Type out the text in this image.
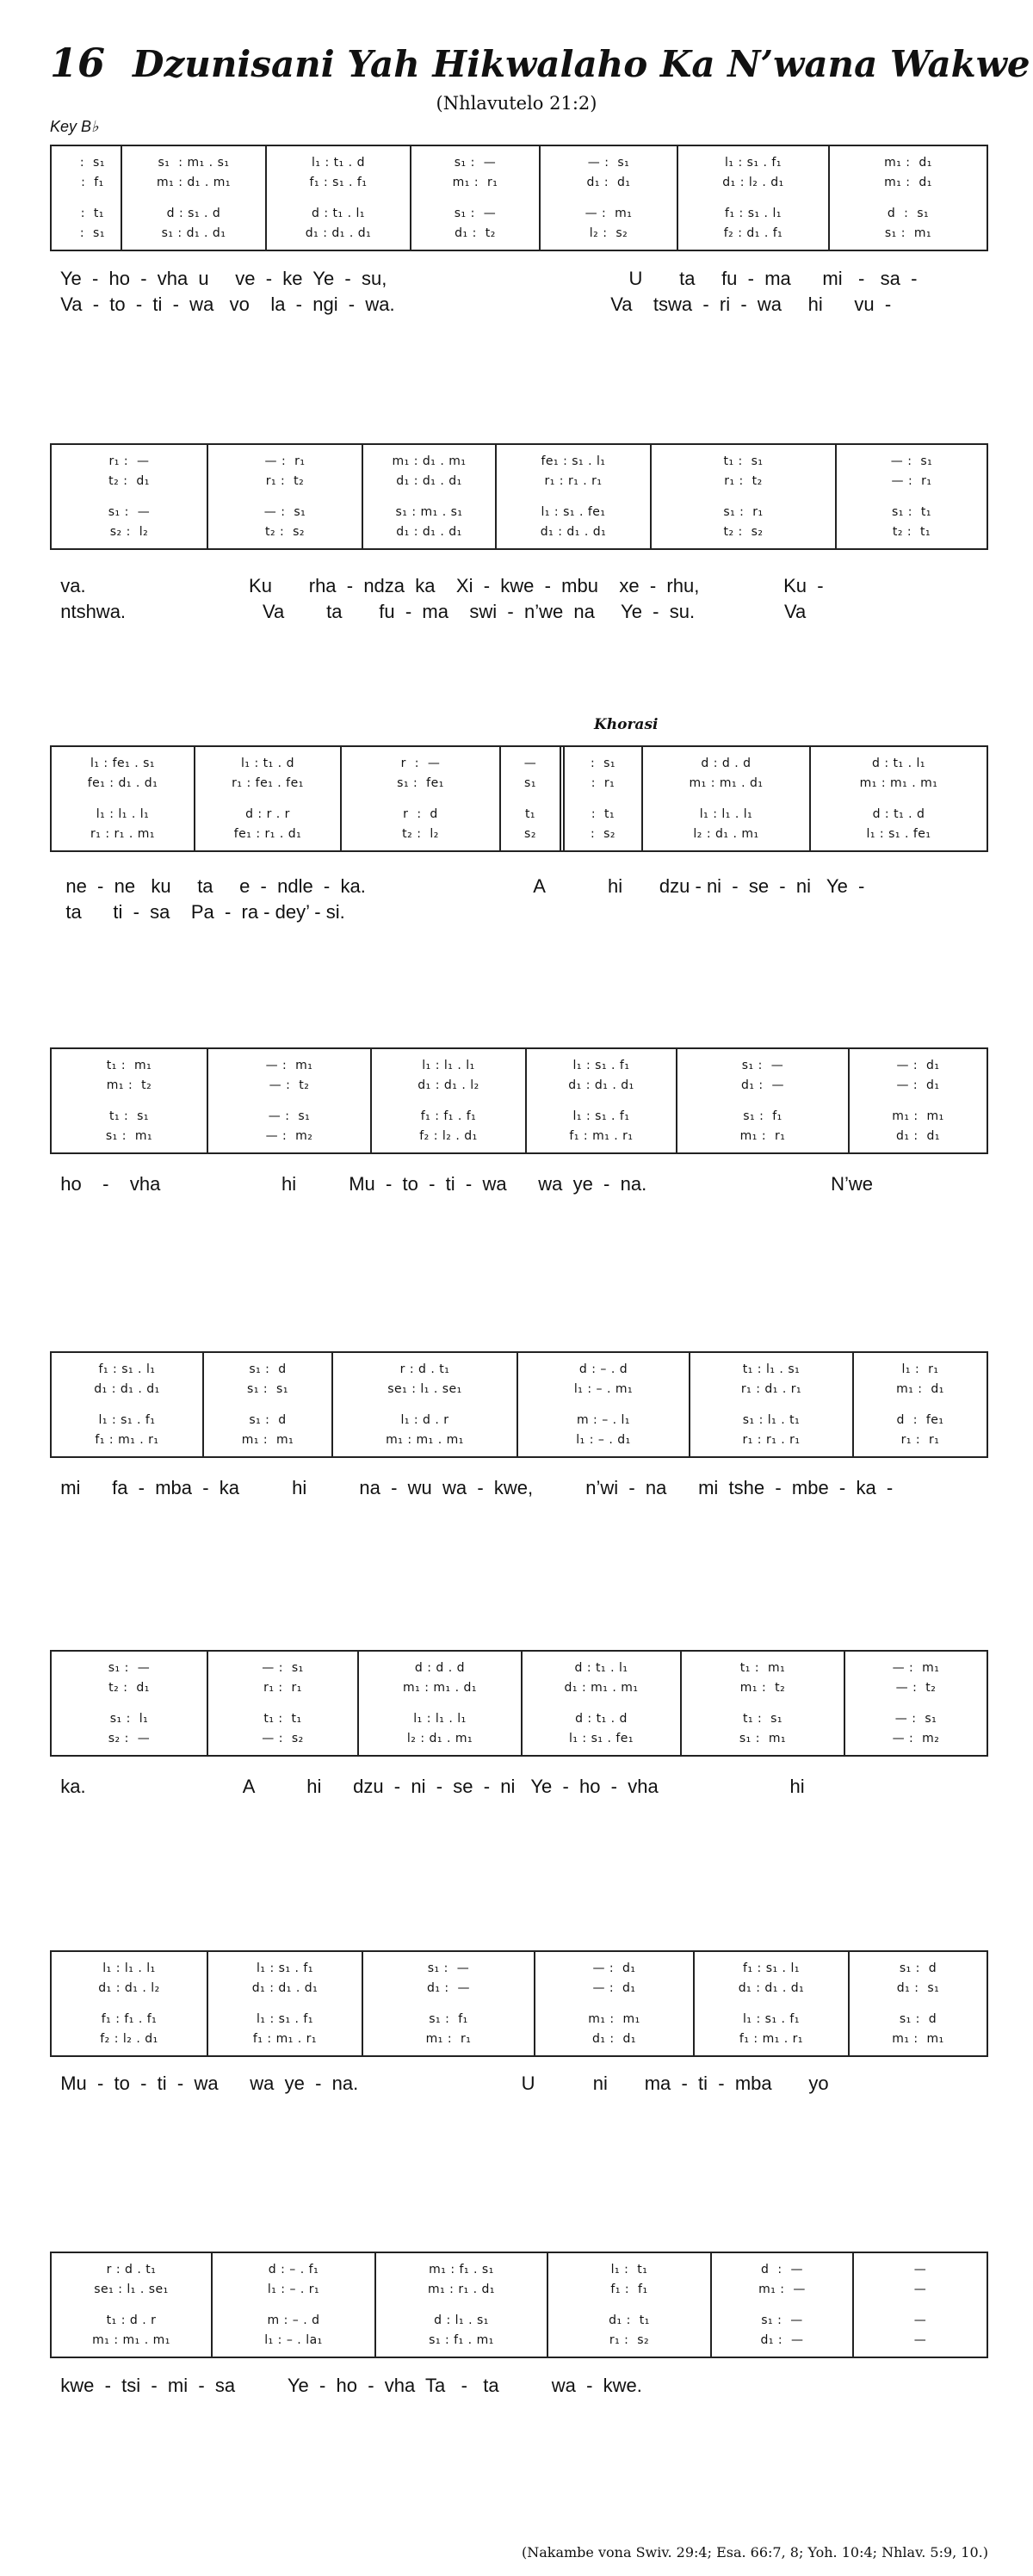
16 Dzunisani Yah Hikwalaho Ka N’wana Wakwe
(Nhlavutelo 21:2)
Key B♭
Khorasi
:  s₁
:  f₁
:  t₁
:  s₁
s₁  : m₁ . s₁
m₁ : d₁ . m₁
d : s₁ . d
s₁ : d₁ . d₁
l₁ : t₁ . d
f₁ : s₁ . f₁
d : t₁ . l₁
d₁ : d₁ . d₁
s₁ :  —
m₁ :  r₁
s₁ :  —
d₁ :  t₂
— :  s₁
d₁ :  d₁
— :  m₁
l₂ :  s₂
l₁ : s₁ . f₁
d₁ : l₂ . d₁
f₁ : s₁ . l₁
f₂ : d₁ . f₁
m₁ :  d₁
m₁ :  d₁
d  :  s₁
s₁ :  m₁
Ye  -  ho  -  vha  u     ve  -  ke  Ye  -  su,                                              U       ta     fu  -  ma      mi   -   sa  -
Va  -  to  -  ti  -  wa   vo    la  -  ngi  -  wa.                                         Va    tswa  -  ri  -  wa     hi      vu  -
r₁ :  —
t₂ :  d₁
s₁ :  —
s₂ :  l₂
— :  r₁
r₁ :  t₂
— :  s₁
t₂ :  s₂
m₁ : d₁ . m₁
d₁ : d₁ . d₁
s₁ : m₁ . s₁
d₁ : d₁ . d₁
fe₁ : s₁ . l₁
r₁ : r₁ . r₁
l₁ : s₁ . fe₁
d₁ : d₁ . d₁
t₁ :  s₁
r₁ :  t₂
s₁ :  r₁
t₂ :  s₂
— :  s₁
— :  r₁
s₁ :  t₁
t₂ :  t₁
va.                               Ku       rha  -  ndza  ka    Xi  -  kwe  -  mbu    xe  -  rhu,                Ku  -
ntshwa.                          Va        ta       fu  -  ma    swi  -  n’we  na     Ye  -  su.                 Va
l₁ : fe₁ . s₁
fe₁ : d₁ . d₁
l₁ : l₁ . l₁
r₁ : r₁ . m₁
l₁ : t₁ . d
r₁ : fe₁ . fe₁
d : r . r
fe₁ : r₁ . d₁
r  :  —
s₁ :  fe₁
r  :  d
t₂ :  l₂
—
s₁
t₁
s₂
:  s₁
:  r₁
:  t₁
:  s₂
d : d . d
m₁ : m₁ . d₁
l₁ : l₁ . l₁
l₂ : d₁ . m₁
d : t₁ . l₁
m₁ : m₁ . m₁
d : t₁ . d
l₁ : s₁ . fe₁
ne  -  ne   ku     ta     e  -  ndle  -  ka.                                A            hi       dzu - ni  -  se  -  ni   Ye  -
ta      ti  -  sa    Pa  -  ra - dey’ - si.
t₁ :  m₁
m₁ :  t₂
t₁ :  s₁
s₁ :  m₁
— :  m₁
— :  t₂
— :  s₁
— :  m₂
l₁ : l₁ . l₁
d₁ : d₁ . l₂
f₁ : f₁ . f₁
f₂ : l₂ . d₁
l₁ : s₁ . f₁
d₁ : d₁ . d₁
l₁ : s₁ . f₁
f₁ : m₁ . r₁
s₁ :  —
d₁ :  —
s₁ :  f₁
m₁ :  r₁
— :  d₁
— :  d₁
m₁ :  m₁
d₁ :  d₁
ho    -    vha                       hi          Mu  -  to  -  ti  -  wa      wa  ye  -  na.                                   N’we
f₁ : s₁ . l₁
d₁ : d₁ . d₁
l₁ : s₁ . f₁
f₁ : m₁ . r₁
s₁ :  d
s₁ :  s₁
s₁ :  d
m₁ :  m₁
r : d . t₁
se₁ : l₁ . se₁
l₁ : d . r
m₁ : m₁ . m₁
d : – . d
l₁ : – . m₁
m : – . l₁
l₁ : – . d₁
t₁ : l₁ . s₁
r₁ : d₁ . r₁
s₁ : l₁ . t₁
r₁ : r₁ . r₁
l₁ :  r₁
m₁ :  d₁
d  :  fe₁
r₁ :  r₁
mi      fa  -  mba  -  ka          hi          na  -  wu  wa  -  kwe,          n’wi  -  na      mi  tshe  -  mbe  -  ka  -
s₁ :  —
t₂ :  d₁
s₁ :  l₁
s₂ :  —
— :  s₁
r₁ :  r₁
t₁ :  t₁
— :  s₂
d : d . d
m₁ : m₁ . d₁
l₁ : l₁ . l₁
l₂ : d₁ . m₁
d : t₁ . l₁
d₁ : m₁ . m₁
d : t₁ . d
l₁ : s₁ . fe₁
t₁ :  m₁
m₁ :  t₂
t₁ :  s₁
s₁ :  m₁
— :  m₁
— :  t₂
— :  s₁
— :  m₂
ka.                              A          hi      dzu  -  ni  -  se  -  ni   Ye  -  ho  -  vha                         hi
l₁ : l₁ . l₁
d₁ : d₁ . l₂
f₁ : f₁ . f₁
f₂ : l₂ . d₁
l₁ : s₁ . f₁
d₁ : d₁ . d₁
l₁ : s₁ . f₁
f₁ : m₁ . r₁
s₁ :  —
d₁ :  —
s₁ :  f₁
m₁ :  r₁
— :  d₁
— :  d₁
m₁ :  m₁
d₁ :  d₁
f₁ : s₁ . l₁
d₁ : d₁ . d₁
l₁ : s₁ . f₁
f₁ : m₁ . r₁
s₁ :  d
d₁ :  s₁
s₁ :  d
m₁ :  m₁
Mu  -  to  -  ti  -  wa      wa  ye  -  na.                               U           ni       ma  -  ti  -  mba       yo
r : d . t₁
se₁ : l₁ . se₁
t₁ : d . r
m₁ : m₁ . m₁
d : – . f₁
l₁ : – . r₁
m : – . d
l₁ : – . la₁
m₁ : f₁ . s₁
m₁ : r₁ . d₁
d : l₁ . s₁
s₁ : f₁ . m₁
l₁ :  t₁
f₁ :  f₁
d₁ :  t₁
r₁ :  s₂
d  :  —
m₁ :  —
s₁ :  —
d₁ :  —
—
—
—
—
kwe  -  tsi  -  mi  -  sa          Ye  -  ho  -  vha  Ta   -   ta          wa  -  kwe.
(Nakambe vona Swiv. 29:4; Esa. 66:7, 8; Yoh. 10:4; Nhlav. 5:9, 10.)
